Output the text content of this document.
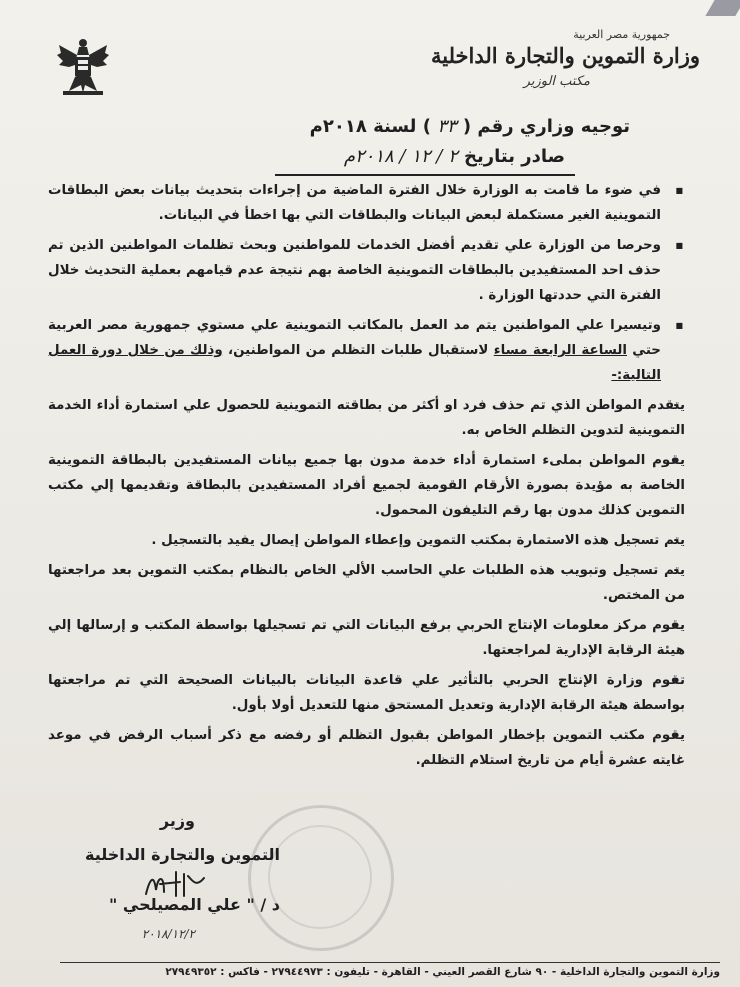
جمهورية مصر العربية
وزارة التموين والتجارة الداخلية
مكتب الوزير
توجيه وزاري رقم ( ٣٣ ) لسنة ٢٠١٨م
صادر بتاريخ ٢ / ١٢ / ٢٠١٨م

■ في ضوء ما قامت به الوزارة خلال الفترة الماضية من إجراءات بتحديث بيانات بعض البطاقات التموينية الغير مستكملة لبعض البيانات والبطاقات التي بها اخطأ في البيانات.

■ وحرصا من الوزارة علي تقديم أفضل الخدمات للمواطنين وبحث تظلمات المواطنين الذين تم حذف احد المستفيدين بالبطاقات التموينية الخاصة بهم نتيجة عدم قيامهم بعملية التحديث خلال الفترة التي حددتها الوزارة .

■ وتيسيرا علي المواطنين يتم مد العمل بالمكاتب التموينية علي مستوي جمهورية مصر العربية حتي الساعة الرابعة مساء لاستقبال طلبات التظلم من المواطنين، وذلك من خلال دورة العمل التالية:-

- يتقدم المواطن الذي تم حذف فرد او أكثر من بطاقته التموينية للحصول علي استمارة أداء الخدمة التموينية لتدوين التظلم الخاص به.

- يقوم المواطن بملىء استمارة أداء خدمة مدون بها جميع بيانات المستفيدين بالبطاقة التموينية الخاصة به مؤيدة بصورة الأرقام القومية لجميع أفراد المستفيدين بالبطاقة وتقديمها إلي مكتب التموين كذلك مدون بها رقم التليفون المحمول.

- يتم تسجيل هذه الاستمارة بمكتب التموين وإعطاء المواطن إيصال يفيد بالتسجيل .

- يتم تسجيل وتبويب هذه الطلبات علي الحاسب الألي الخاص بالنظام بمكتب التموين بعد مراجعتها من المختص.

- يقوم مركز معلومات الإنتاج الحربي برفع البيانات التي تم تسجيلها بواسطة المكتب و إرسالها إلي هيئة الرقابة الإدارية لمراجعتها.

- تقوم وزارة الإنتاج الحربي بالتأثير علي قاعدة البيانات بالبيانات الصحيحة التي تم مراجعتها بواسطة هيئة الرقابة الإدارية وتعديل المستحق منها للتعديل أولا بأول.

- يقوم مكتب التموين بإخطار المواطن بقبول التظلم أو رفضه مع ذكر أسباب الرفض في موعد غايته عشرة أيام من تاريخ استلام التظلم.

وزير
التموين والتجارة الداخلية
د / " علي المصيلحي "
٢٠١٨/١٢/٢
وزارة التموين والتجارة الداخلية - ٩٠ شارع القصر العيني - القاهرة - تليفون : ٢٧٩٤٤٩٧٣ - فاكس : ٢٧٩٤٩٣٥٢
